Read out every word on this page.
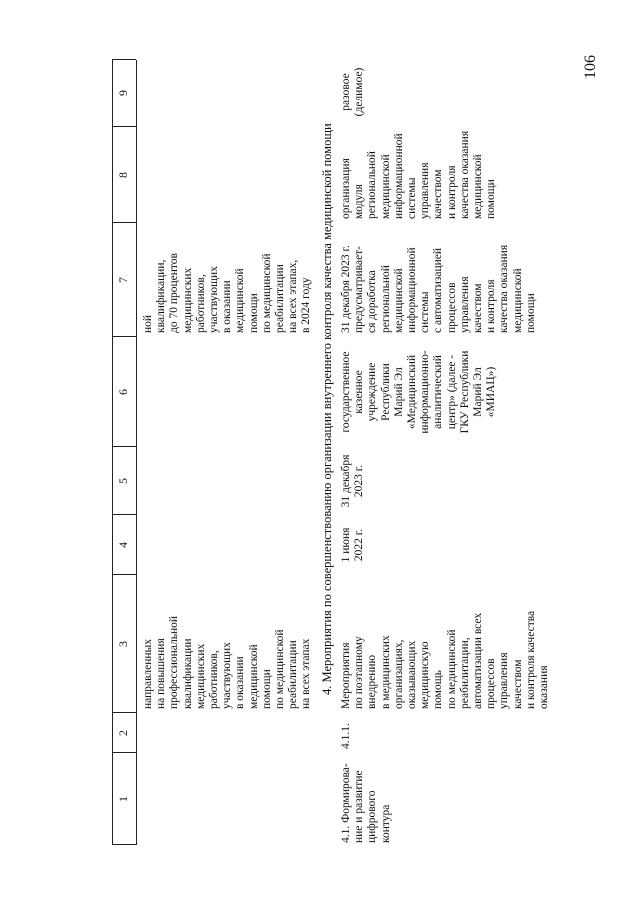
106
1
2
3
4
5
6
7
8
9
направленных
на повышения
профессиональной
квалификации
медицинских
работников,
участвующих
в оказании
медицинской
помощи
по медицинской
реабилитации
на всех этапах
ной
квалификации,
до 70 процентов
медицинских
работников,
участвующих
в оказании
медицинской
помощи
по медицинской
реабилитации
на всех этапах,
в 2024 году 4. Мероприятия по совершенствованию организации внутреннего контроля качества медицинской помощи
4.1. Формирова-
ние и развитие
цифрового
контура
4.1.1.
Мероприятия
по поэтапному
внедрению
в медицинских
организациях,
оказывающих
медицинскую
помощь
по медицинской
реабилитации,
автоматизации всех
процессов
управления
качеством
и контроля качества
оказания
1 июня
2022 г.
31 декабря
2023 г.
государственное
казенное
учреждение
Республики
Марий Эл
«Медицинский
информационно-
аналитический
центр» (далее -
ГКУ Республики
Марий Эл
«МИАЦ»)
31 декабря 2023 г.
предусматривает-
ся доработка
региональной
медицинской
информационной
системы
с автоматизацией
процессов
управления
качеством
и контроля
качества оказания
медицинской
помощи
организация
модуля
региональной
медицинской
информационной
системы
управления
качеством
и контроля
качества оказания
медицинской
помощи
разовое
(делимое)
